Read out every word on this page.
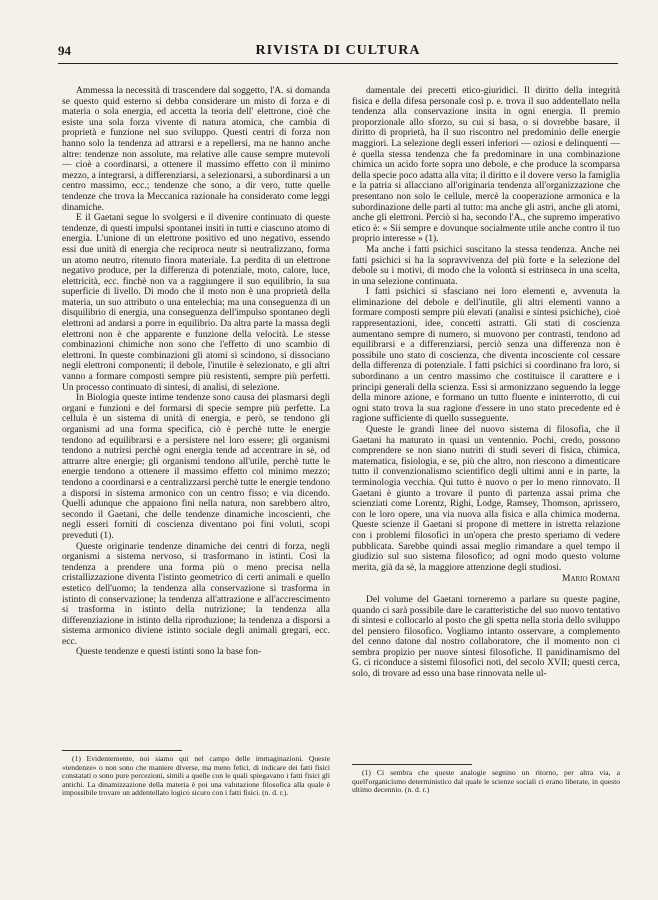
94	RIVISTA DI CULTURA

Ammessa la necessità di trascendere dal soggetto, l'A. si domanda se questo quid esterno si debba considerare un misto di forza e di materia o sola energia, ed accetta la teoria dell' elettrone, cioè che esiste una sola forza vivente di natura atomica, che cambia di proprietà e funzione nel suo sviluppo. Questi centri di forza non hanno solo la tendenza ad attrarsi e a repellersi, ma ne hanno anche altre: tendenze non assolute, ma relative alle cause sempre mutevoli — cioè a coordinarsi, a ottenere il massimo effetto con il minimo mezzo, a integrarsi, a differenziarsi, a selezionarsi, a subordinarsi a un centro massimo, ecc.; tendenze che sono, a dir vero, tutte quelle tendenze che trova la Meccanica razionale ha considerato come leggi dinamiche.

E il Gaetani segue lo svolgersi e il divenire continuato di queste tendenze, di questi impulsi spontanei insiti in tutti e ciascuno atomo di energia. L'unione di un elettrone positivo ed uno negativo, essendo essi due unità di energia che reciproca neutr si neutralizzano, forma un atomo neutro, ritenuto finora materiale. La perdita di un elettrone negativo produce, per la differenza di potenziale, moto, calore, luce, elettricità, ecc. finchè non va a raggiungere il suo equilibrio, la sua superficie di livello. Di modo che il moto non è una proprietà della materia, un suo attributo o una entelechia; ma una conseguenza di un disquilibrio di energia, una conseguenza dell'impulso spontaneo degli elettroni ad andarsi a porre in equilibrio. Da altra parte la massa degli elettroni non è che apparente e funzione della velocità. Le stesse combinazioni chimiche non sono che l'effetto di uno scambio di elettroni. In queste combinazioni gli atomi si scindono, si dissociano negli elettroni componenti; il debole, l'inutile è selezionato, e gli altri vanno a formare composti sempre più resistenti, sempre più perfetti. Un processo continuato di sintesi, di analisi, di selezione.

In Biologia queste intime tendenze sono causa dei plasmarsi degli organi e funzioni e del formarsi di specie sempre più perfette. La cellula è un sistema di unità di energia, e però, se tendono gli organismi ad una forma specifica, ciò è perchè tutte le energie tendono ad equilibrarsi e a persistere nel loro essere; gli organismi tendono a nutrirsi perchè ogni energia tende ad accentrare in sè, od attrarre altre energie; gli organismi tendono all'utile, perchè tutte le energie tendono a ottenere il massimo effetto col minimo mezzo; tendono a coordinarsi e a centralizzarsi perchè tutte le energie tendono a disporsi in sistema armonico con un centro fisso; e via dicendo. Quelli adunque che appaiono fini nella natura, non sarebbero altro, secondo il Gaetani, che delle tendenze dinamiche incoscienti, che negli esseri forniti di coscienza diventano poi fini voluti, scopi preveduti (1).

Queste originarie tendenze dinamiche dei centri di forza, negli organismi a sistema nervoso, si trasformano in istinti. Così la tendenza a prendere una forma più o meno precisa nella cristallizzazione diventa l'istinto geometrico di certi animali e quello estetico dell'uomo; la tendenza alla conservazione si trasforma in istinto di conservazione; la tendenza all'attrazione e all'accrescimento si trasforma in istinto della nutrizione; la tendenza alla differenziazione in istinto della riproduzione; la tendenza a disporsi a sistema armonico diviene istinto sociale degli animali gregari, ecc. ecc.

Queste tendenze e questi istinti sono la base fon-

(1) Evidentemente, noi siamo qui nel campo delle immaginazioni. Queste «tendenze» o non sono che maniere diverse, ma meno felici, di indicare dei fatti fisici constatati o sono pure percezioni, simili a quelle con le quali spiegavano i fatti fisici gli antichi. La dinamizzazione della materia è poi una valutazione filosofica alla quale è impossibile trovare un addentellato logico sicuro con i fatti fisici. (n. d. r.).

damentale dei precetti etico-giuridici. Il diritto della integrità fisica e della difesa personale così p. e. trova il suo addentellato nella tendenza alla conservazione insita in ogni energia. Il premio proporzionale allo sforzo, su cui si basa, o si dovrebbe basare, il diritto di proprietà, ha il suo riscontro nel predominio delle energie maggiori. La selezione degli esseri inferiori — oziosi e delinquenti — è quella stessa tendenza che fa predominare in una combinazione chimica un acido forte sopra uno debole, e che produce la scomparsa della specie poco adatta alla vita; il diritto e il dovere verso la famiglia e la patria si allacciano all'originaria tendenza all'organizzazione che presentano non solo le cellule, mercè la cooperazione armonica e la subordinazione delle parti al tutto: ma anche gli astri, anche gli atomi, anche gli elettroni. Perciò si ha, secondo l'A., che supremo imperativo etico è: « Sii sempre e dovunque socialmente utile anche contro il tuo proprio interesse » (1).

Ma anche i fatti psichici suscitano la stessa tendenza. Anche nei fatti psichici si ha la sopravvivenza del più forte e la selezione del debole su i motivi, di modo che la volontà si estrinseca in una scelta, in una selezione continuata.

I fatti psichici si sfasciano nei loro elementi e, avvenuta la eliminazione del debole e dell'inutile, gli altri elementi vanno a formare composti sempre più elevati (analisi e sintesi psichiche), cioè rappresentazioni, idee, concetti astratti. Gli stati di coscienza aumentano sempre di numero, si muovono per contrasti, tendono ad equilibrarsi e a differenziarsi, perciò senza una differenza non è possibile uno stato di coscienza, che diventa incosciente col cessare della differenza di potenziale. I fatti psichici si coordinano fra loro, si subordinano a un centro massimo che costituisce il carattere e i principi generali della scienza. Essi si armonizzano seguendo la legge della minore azione, e formano un tutto fluente e ininterrotto, di cui ogni stato trova la sua ragione d'essere in uno stato precedente ed è ragione sufficiente di quello susseguente.

Queste le grandi linee del nuovo sistema di filosofia, che il Gaetani ha maturato in quasi un ventennio. Pochi, credo, possono comprendere se non siano nutriti di studi severi di fisica, chimica, matematica, fisiologia, e se, più che altro, non riescono a dimenticare tutto il convenzionalismo scientifico degli ultimi anni e in parte, la terminologia vecchia. Qui tutto è nuovo o per lo meno rinnovato. Il Gaetani è giunto a trovare il punto di partenza assai prima che scienziati come Lorentz, Righi, Lodge, Ramsey, Thomson, aprissero, con le loro opere, una via nuova alla fisica e alla chimica moderna. Queste scienze il Gaetani si propone di mettere in istretta relazione con i problemi filosofici in un'opera che presto speriamo di vedere pubblicata. Sarebbe quindi assai meglio rimandare a quel tempo il giudizio sul suo sistema filosofico; ad ogni modo questo volume merita, già da sè, la maggiore attenzione degli studiosi.

Mario Romani

Del volume del Gaetani torneremo a parlare su queste pagine, quando ci sarà possibile dare le caratteristiche del suo nuovo tentativo di sintesi e collocarlo al posto che gli spetta nella storia dello sviluppo del pensiero filosofico. Vogliamo intanto osservare, a complemento del cenno datone dal nostro collaboratore, che il momento non ci sembra propizio per nuove sintesi filosofiche. Il panidinamismo del G. ci riconduce a sistemi filosofici noti, del secolo XVII; questi cerca, solo, di trovare ad esso una base rinnovata nelle ul-

(1) Ci sembra che queste analogie segnino un ritorno, per altra via, a quell'organicismo deterministico dal quale le scienze sociali ci erano liberate, in questo ultimo decennio. (n. d. r.)
